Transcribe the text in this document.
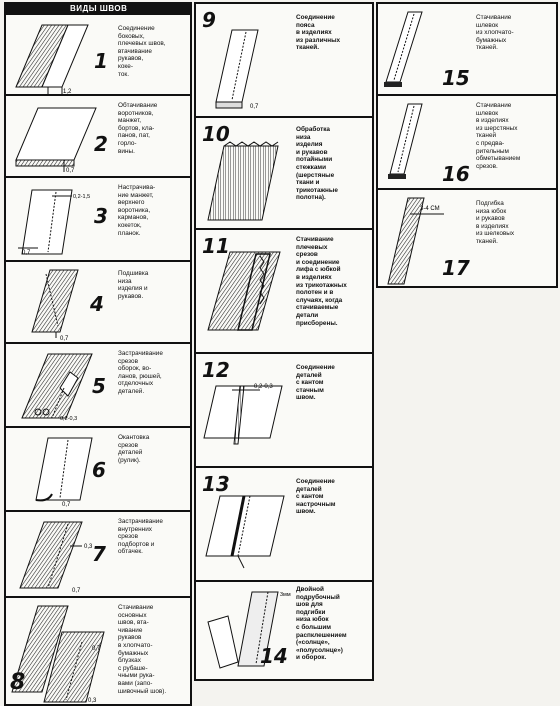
ВИДЫ ШВОВ
1,2
1
Соединение
боковых,
плечевых швов,
втачивание
рукавов,
коке-
ток.
0,7
2
Обтачивание
воротников,
манжет,
бортов, кла-
панов, пат,
горло-
вины.
0,2-1,5
0,7
3
Настрачива-
ние манжет,
верхнего
воротника,
карманов,
кокеток,
планок.
0,7
4
Подшивка
низа
изделия и
рукавов.
0,2-0,3
5
Застрачивание
срезов
оборок, во-
ланов, рюшей,
отделочных
деталей.
0,7
6
Окантовка
срезов
деталей
(рулик).
0,3
0,7
7
Застрачивание
внутренних
срезов
подбортов и
обтачек.
0,7
0,3
8
Стачивание
основных
швов, вта-
чивание
рукавов
в хлопчато-
бумажных
блузках
с рубаше-
чными рука-
вами (запо-
шивочный шов).
0,7
9	Соединение
пояса
в изделиях
из различных
тканей.
10	Обработка
низа
изделия
и рукавов
потайными
стежками
(шерстяные
ткани и
трикотажные
полотна).
11	Стачивание
плечевых
срезов
и соединение
лифа с юбкой
в изделиях
из трикотажных
полотен и в
случаях, когда
стачиваемые
детали
присборены.
0,2-0,3
12	Соединение
деталей
с кантом
стачным
швом.
13	Соединение
деталей
с кантом
настрочным
швом.
3мм
14
Двойной
подрубочный
шов для
подгибки
низа юбок
с большим
распклешением
(«солнце»,
«полусолнце»)
и оборок.
15
Стачивание
шлевок
из хлопчато-
бумажных
тканей.
16
Стачивание
шлевок
в изделиях
из шерстяных
тканей
с предва-
рительным
обметыванием
срезов.
3-4 СМ
17
Подгибка
низа юбок
и рукавов
в изделиях
из шелковых
тканей.
